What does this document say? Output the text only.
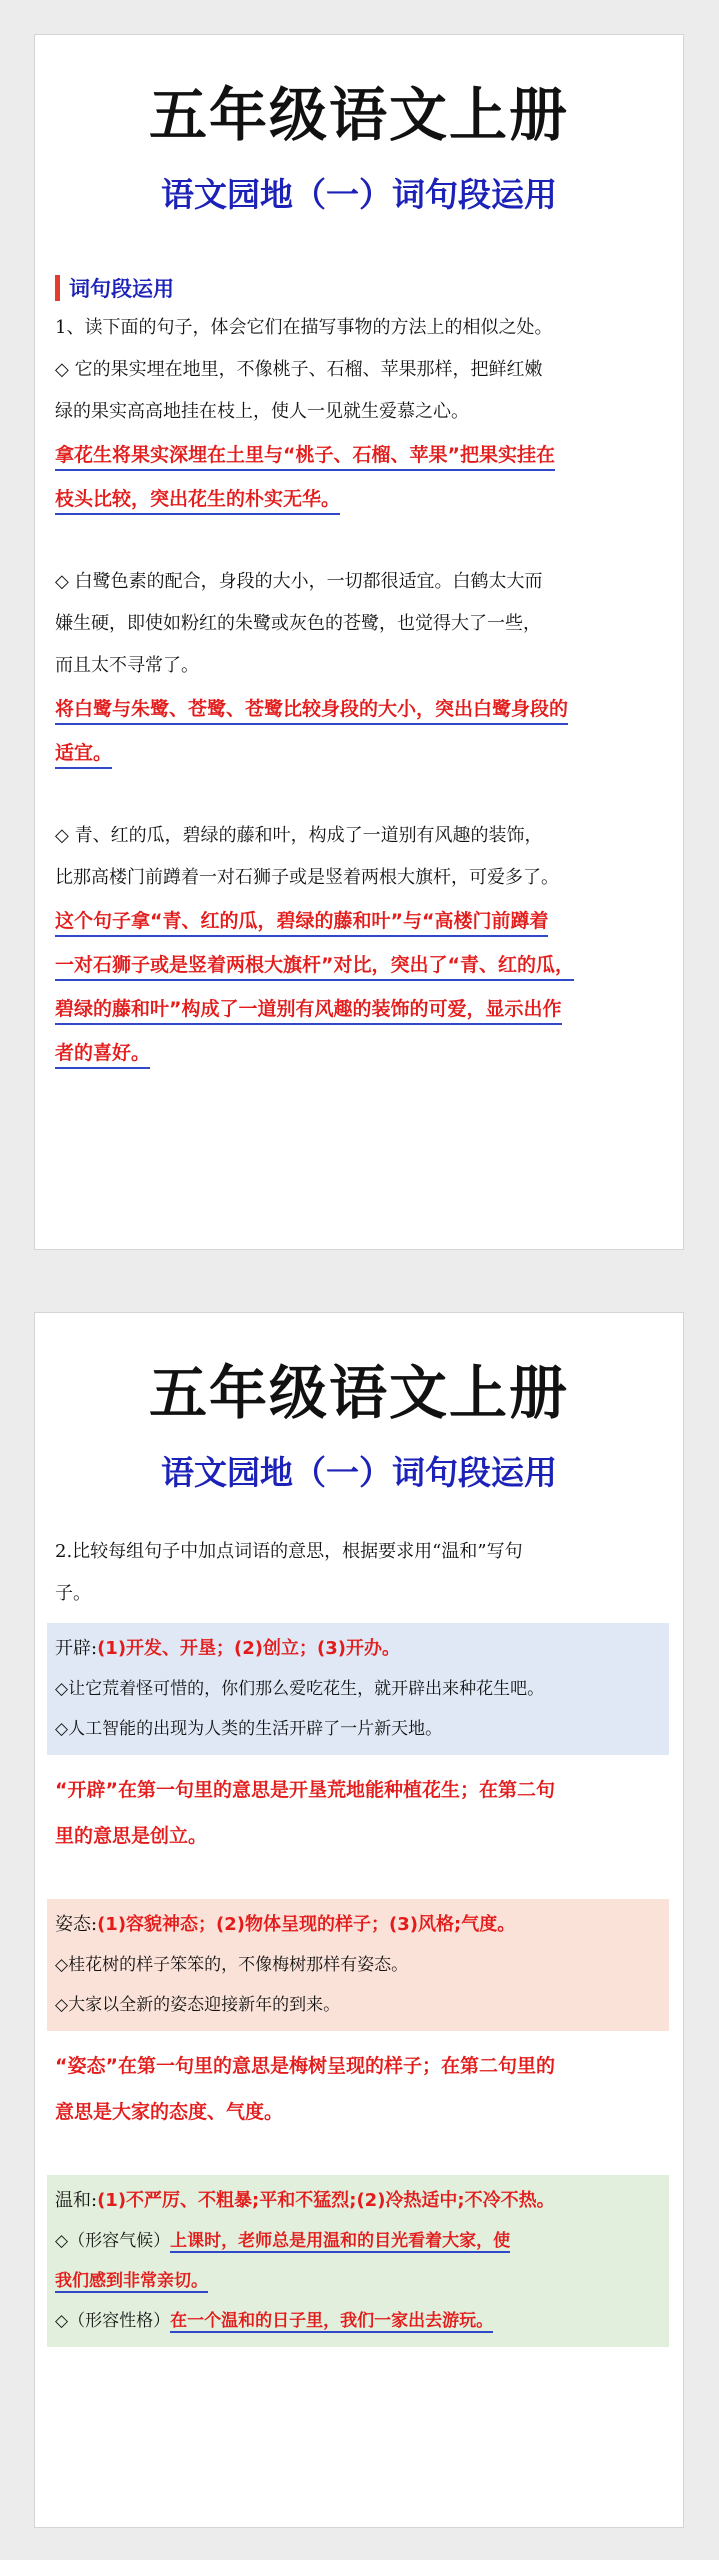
五年级语文上册
语文园地（一）词句段运用
词句段运用

1、读下面的句子，体会它们在描写事物的方法上的相似之处。

◇ 它的果实埋在地里，不像桃子、石榴、苹果那样，把鲜红嫩

绿的果实高高地挂在枝上，使人一见就生爱慕之心。

拿花生将果实深埋在土里与“桃子、石榴、苹果”把果实挂在

枝头比较，突出花生的朴实无华。

◇ 白鹭色素的配合，身段的大小，一切都很适宜。白鹤太大而

嫌生硬，即使如粉红的朱鹭或灰色的苍鹭，也觉得大了一些，

而且太不寻常了。

将白鹭与朱鹭、苍鹭、苍鹭比较身段的大小，突出白鹭身段的

适宜。

◇ 青、红的瓜，碧绿的藤和叶，构成了一道别有风趣的装饰，

比那高楼门前蹲着一对石狮子或是竖着两根大旗杆，可爱多了。

这个句子拿“青、红的瓜，碧绿的藤和叶”与“高楼门前蹲着

一对石狮子或是竖着两根大旗杆”对比，突出了“青、红的瓜，

碧绿的藤和叶”构成了一道别有风趣的装饰的可爱，显示出作

者的喜好。

五年级语文上册
语文园地（一）词句段运用

2.比较每组句子中加点词语的意思，根据要求用“温和”写句

子。

开辟:(1)开发、开垦；(2)创立；(3)开办。

◇让它荒着怪可惜的，你们那么爱吃花生，就开辟出来种花生吧。

◇人工智能的出现为人类的生活开辟了一片新天地。

“开辟”在第一句里的意思是开垦荒地能种植花生；在第二句

里的意思是创立。

姿态:(1)容貌神态；(2)物体呈现的样子；(3)风格;气度。

◇桂花树的样子笨笨的，不像梅树那样有姿态。

◇大家以全新的姿态迎接新年的到来。

“姿态”在第一句里的意思是梅树呈现的样子；在第二句里的

意思是大家的态度、气度。

温和:(1)不严厉、不粗暴;平和不猛烈;(2)冷热适中;不冷不热。

◇（形容气候）上课时，老师总是用温和的目光看着大家，使

我们感到非常亲切。

◇（形容性格）在一个温和的日子里，我们一家出去游玩。
